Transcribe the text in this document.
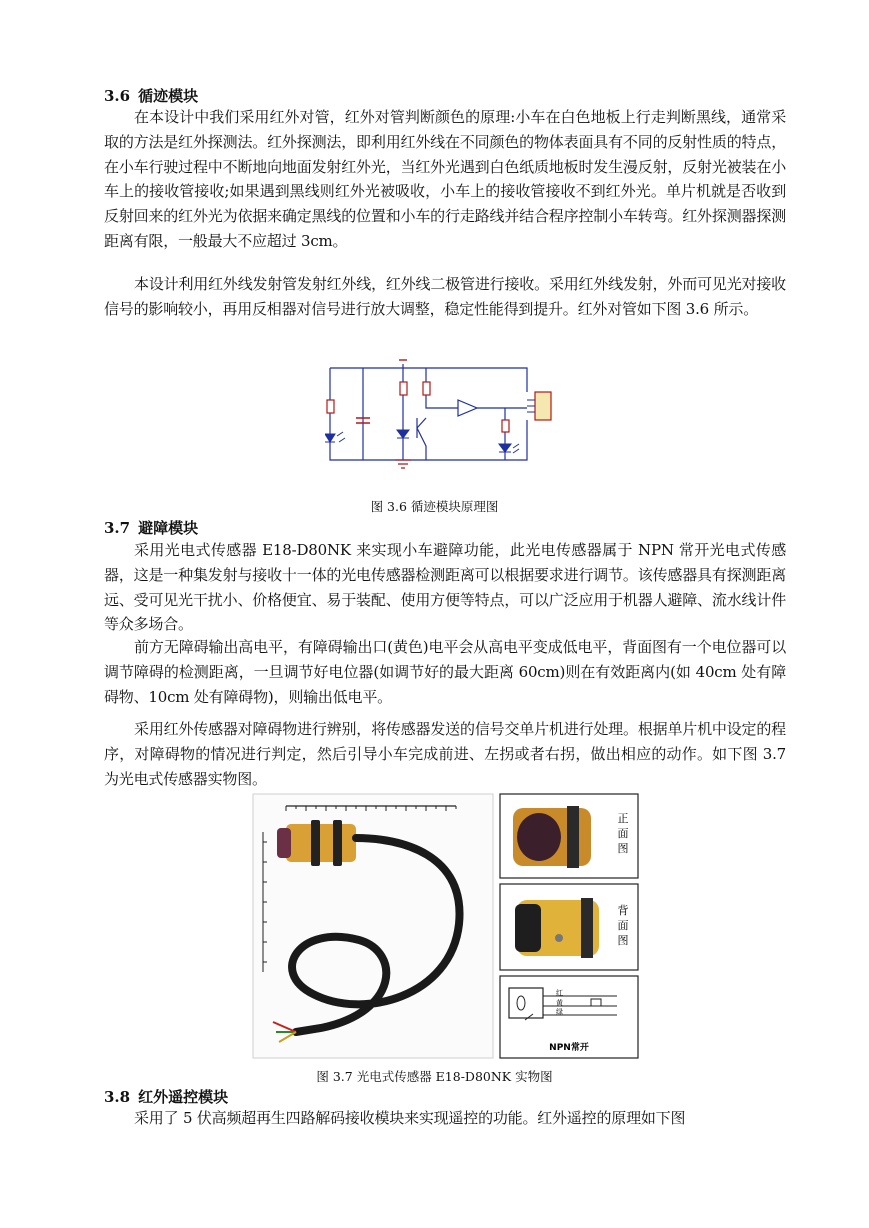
3.6 循迹模块
在本设计中我们采用红外对管，红外对管判断颜色的原理:小车在白色地板上行走判断黑线，通常采取的方法是红外探测法。红外探测法，即利用红外线在不同颜色的物体表面具有不同的反射性质的特点，在小车行驶过程中不断地向地面发射红外光，当红外光遇到白色纸质地板时发生漫反射，反射光被装在小车上的接收管接收;如果遇到黑线则红外光被吸收，小车上的接收管接收不到红外光。单片机就是否收到反射回来的红外光为依据来确定黑线的位置和小车的行走路线并结合程序控制小车转弯。红外探测器探测距离有限，一般最大不应超过 3cm。
本设计利用红外线发射管发射红外线，红外线二极管进行接收。采用红外线发射，外而可见光对接收信号的影响较小，再用反相器对信号进行放大调整，稳定性能得到提升。红外对管如下图 3.6 所示。
图 3.6 循迹模块原理图
3.7 避障模块
采用光电式传感器 E18-D80NK 来实现小车避障功能，此光电传感器属于 NPN 常开光电式传感器，这是一种集发射与接收十一体的光电传感器检测距离可以根据要求进行调节。该传感器具有探测距离远、受可见光干扰小、价格便宜、易于装配、使用方便等特点，可以广泛应用于机器人避障、流水线计件等众多场合。
前方无障碍输出高电平，有障碍输出口(黄色)电平会从高电平变成低电平，背面图有一个电位器可以调节障碍的检测距离，一旦调节好电位器(如调节好的最大距离 60cm)则在有效距离内(如 40cm 处有障碍物、10cm 处有障碍物)，则输出低电平。
采用红外传感器对障碍物进行辨别，将传感器发送的信号交单片机进行处理。根据单片机中设定的程序，对障碍物的情况进行判定，然后引导小车完成前进、左拐或者右拐，做出相应的动作。如下图 3.7 为光电式传感器实物图。
正
面
图
背
面
图
红
黄
绿
NPN常开
图 3.7 光电式传感器 E18-D80NK 实物图
3.8 红外遥控模块
采用了 5 伏高频超再生四路解码接收模块来实现遥控的功能。红外遥控的原理如下图
